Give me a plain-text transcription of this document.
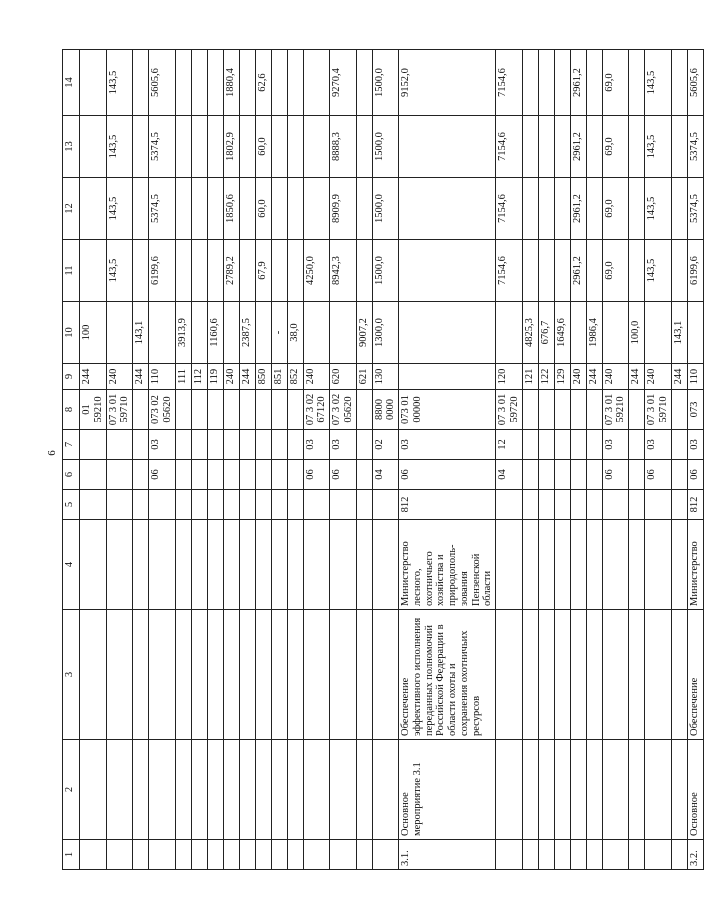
6
1	2	3	4	5	6	7	8	9	10	11	12	13	14
							01 59210	244	100				
							07 3 01 59710	240		143,5	143,5	143,5	143,5
								244	143,1				
					06	03	073 02 05620	110		6199,6	5374,5	5374,5	5605,6
								111	3913,9				
								112					
								119	1160,6				
								240		2789,2	1850,6	1802,9	1880,4
								244	2387,5				
								850		67,9	60,0	60,0	62,6
								851	-				
								852	38,0				
					06	03	07 3 02 67120	240		4250,0			
					06	03	07 3 02 05620	620		8942,3	8909,9	8888,3	9270,4
								621	9007,2				
					04	02	8800 0000	130	1300,0	1500,0	1500,0	1500,0	1500,0
3.1.	Основное мероприятие 3.1	Обеспечение эффективного исполнения переданных полномочий Российской Федерации в области охоты и сохранения охотничьих ресурсов	Министерство лесного, охотничьего хозяйства и природополь-зования Пензенской области	812	06	03	073 01 00000						9152,0
					04	12	07 3 01 59720	120		7154,6	7154,6	7154,6	7154,6
								121	4825,3				
								122	676,7				
								129	1649,6				
								240		2961,2	2961,2	2961,2	2961,2
								244	1986,4				
					06	03	07 3 01 59210	240		69,0	69,0	69,0	69,0
								244	100,0				
					06	03	07 3 01 59710	240		143,5	143,5	143,5	143,5
								244	143,1				
3.2.	Основное	Обеспечение	Министерство	812	06	03	073	110		6199,6	5374,5	5374,5	5605,6
